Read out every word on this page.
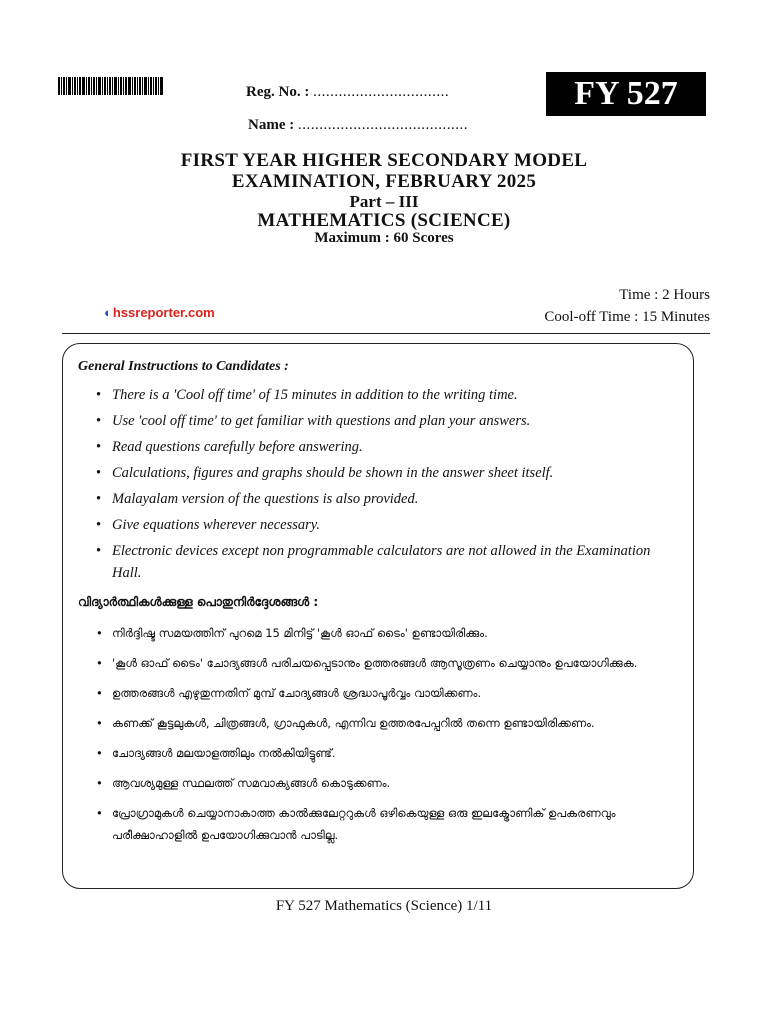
Reg. No. : ................................
Name : ........................................
FY 527
FIRST YEAR HIGHER SECONDARY MODEL
EXAMINATION, FEBRUARY 2025
Part – III
MATHEMATICS (SCIENCE)
Maximum : 60 Scores
Time : 2 Hours
Cool-off Time : 15 Minutes
◐hssreporter.com
General Instructions to Candidates :
• There is a 'Cool off time' of 15 minutes in addition to the writing time.
• Use 'cool off time' to get familiar with questions and plan your answers.
• Read questions carefully before answering.
• Calculations, figures and graphs should be shown in the answer sheet itself.
• Malayalam version of the questions is also provided.
• Give equations wherever necessary.
• Electronic devices except non programmable calculators are not allowed in the Examination Hall.
വിദ്യാർത്ഥികൾക്കുള്ള പൊതുനിർദ്ദേശങ്ങൾ :
• നിർദ്ദിഷ്ട സമയത്തിന് പുറമെ 15 മിനിട്ട് 'കൂൾ ഓഫ് ടൈം' ഉണ്ടായിരിക്കും.
• 'കൂൾ ഓഫ് ടൈം' ചോദ്യങ്ങൾ പരിചയപ്പെടാനും ഉത്തരങ്ങൾ ആസൂത്രണം ചെയ്യാനും ഉപയോഗിക്കുക.
• ഉത്തരങ്ങൾ എഴുതുന്നതിന് മുമ്പ് ചോദ്യങ്ങൾ ശ്രദ്ധാപൂർവ്വം വായിക്കണം.
• കണക്ക് കൂട്ടലുകൾ, ചിത്രങ്ങൾ, ഗ്രാഫുകൾ, എന്നിവ ഉത്തരപേപ്പറിൽ തന്നെ ഉണ്ടായിരിക്കണം.
• ചോദ്യങ്ങൾ മലയാളത്തിലും നൽകിയിട്ടുണ്ട്.
• ആവശ്യമുള്ള സ്ഥലത്ത് സമവാക്യങ്ങൾ കൊടുക്കണം.
• പ്രോഗ്രാമുകൾ ചെയ്യാനാകാത്ത കാൽക്കുലേറ്ററുകൾ ഒഴികെയുള്ള ഒരു ഇലക്ട്രോണിക് ഉപകരണവും പരീക്ഷാഹാളിൽ ഉപയോഗിക്കുവാൻ പാടില്ല.
FY 527 Mathematics (Science) 1/11
